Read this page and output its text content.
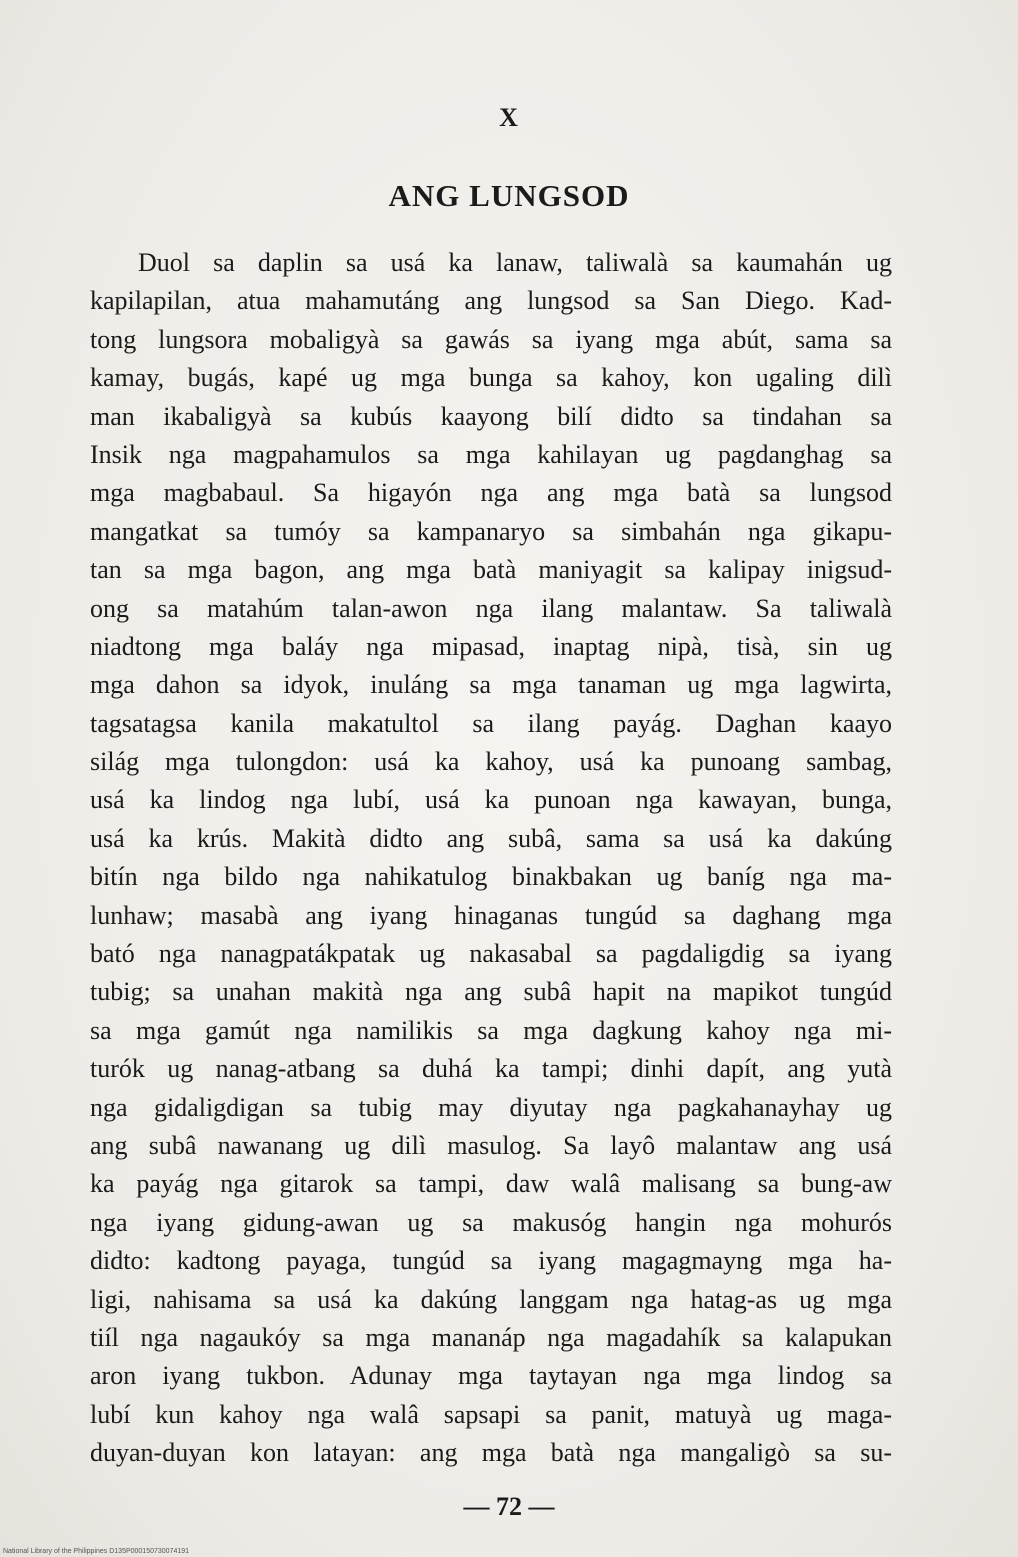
X
ANG LUNGSOD
Duol sa daplin sa usá ka lanaw, taliwalà sa kaumahán ug
kapilapilan, atua mahamutáng ang lungsod sa San Diego. Kad-
tong lungsora mobaligyà sa gawás sa iyang mga abút, sama sa
kamay, bugás, kapé ug mga bunga sa kahoy, kon ugaling dilì
man ikabaligyà sa kubús kaayong bilí didto sa tindahan sa
Insik nga magpahamulos sa mga kahilayan ug pagdanghag sa
mga magbabaul. Sa higayón nga ang mga batà sa lungsod
mangatkat sa tumóy sa kampanaryo sa simbahán nga gikapu-
tan sa mga bagon, ang mga batà maniyagit sa kalipay inigsud-
ong sa matahúm talan-awon nga ilang malantaw. Sa taliwalà
niadtong mga baláy nga mipasad, inaptag nipà, tisà, sin ug
mga dahon sa idyok, inuláng sa mga tanaman ug mga lagwirta,
tagsatagsa kanila makatultol sa ilang payág. Daghan kaayo
silág mga tulongdon: usá ka kahoy, usá ka punoang sambag,
usá ka lindog nga lubí, usá ka punoan nga kawayan, bunga,
usá ka krús. Makità didto ang subâ, sama sa usá ka dakúng
bitín nga bildo nga nahikatulog binakbakan ug baníg nga ma-
lunhaw; masabà ang iyang hinaganas tungúd sa daghang mga
bató nga nanagpatákpatak ug nakasabal sa pagdaligdig sa iyang
tubig; sa unahan makità nga ang subâ hapit na mapikot tungúd
sa mga gamút nga namilikis sa mga dagkung kahoy nga mi-
turók ug nanag-atbang sa duhá ka tampi; dinhi dapít, ang yutà
nga gidaligdigan sa tubig may diyutay nga pagkahanayhay ug
ang subâ nawanang ug dilì masulog. Sa layô malantaw ang usá
ka payág nga gitarok sa tampi, daw walâ malisang sa bung-aw
nga iyang gidung-awan ug sa makusóg hangin nga mohurós
didto: kadtong payaga, tungúd sa iyang magagmayng mga ha-
ligi, nahisama sa usá ka dakúng langgam nga hatag-as ug mga
tiíl nga nagaukóy sa mga mananáp nga magadahík sa kalapukan
aron iyang tukbon. Adunay mga taytayan nga mga lindog sa
lubí kun kahoy nga walâ sapsapi sa panit, matuyà ug maga-
duyan-duyan kon latayan: ang mga batà nga mangaligò sa su-
— 72 —
National Library of the Philippines D135P000150730074191
